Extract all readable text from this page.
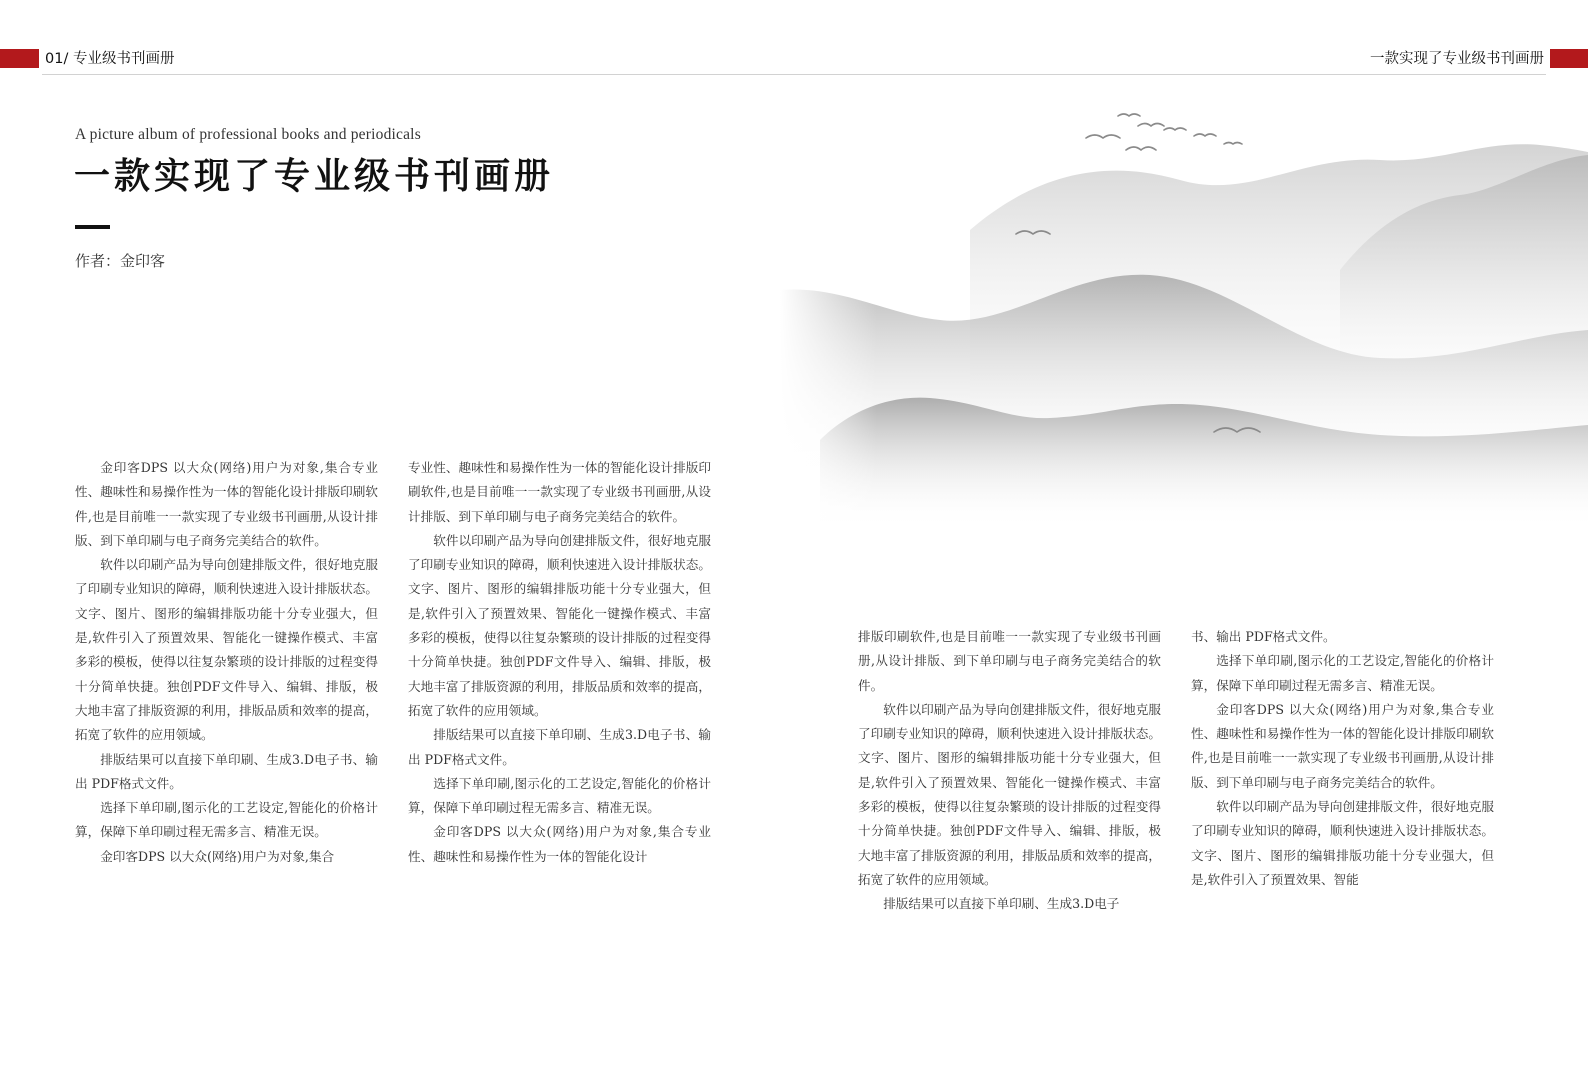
01/ 专业级书刊画册	一款实现了专业级书刊画册
A picture album of professional books and periodicals
一款实现了专业级书刊画册
作者：金印客

金印客DPS 以大众(网络)用户为对象,集合专业性、趣味性和易操作性为一体的智能化设计排版印刷软件,也是目前唯一一款实现了专业级书刊画册,从设计排版、到下单印刷与电子商务完美结合的软件。

软件以印刷产品为导向创建排版文件，很好地克服了印刷专业知识的障碍，顺利快速进入设计排版状态。文字、图片、图形的编辑排版功能十分专业强大，但是,软件引入了预置效果、智能化一键操作模式、丰富多彩的模板，使得以往复杂繁琐的设计排版的过程变得十分简单快捷。独创PDF文件导入、编辑、排版，极大地丰富了排版资源的利用，排版品质和效率的提高，拓宽了软件的应用领域。

排版结果可以直接下单印刷、生成3.D电子书、输出 PDF格式文件。

选择下单印刷,图示化的工艺设定,智能化的价格计算，保障下单印刷过程无需多言、精准无误。

金印客DPS 以大众(网络)用户为对象,集合

专业性、趣味性和易操作性为一体的智能化设计排版印刷软件,也是目前唯一一款实现了专业级书刊画册,从设计排版、到下单印刷与电子商务完美结合的软件。

软件以印刷产品为导向创建排版文件，很好地克服了印刷专业知识的障碍，顺利快速进入设计排版状态。文字、图片、图形的编辑排版功能十分专业强大，但是,软件引入了预置效果、智能化一键操作模式、丰富多彩的模板，使得以往复杂繁琐的设计排版的过程变得十分简单快捷。独创PDF文件导入、编辑、排版，极大地丰富了排版资源的利用，排版品质和效率的提高，拓宽了软件的应用领域。

排版结果可以直接下单印刷、生成3.D电子书、输出 PDF格式文件。

选择下单印刷,图示化的工艺设定,智能化的价格计算，保障下单印刷过程无需多言、精准无误。

金印客DPS 以大众(网络)用户为对象,集合专业性、趣味性和易操作性为一体的智能化设计

排版印刷软件,也是目前唯一一款实现了专业级书刊画册,从设计排版、到下单印刷与电子商务完美结合的软件。

软件以印刷产品为导向创建排版文件，很好地克服了印刷专业知识的障碍，顺利快速进入设计排版状态。文字、图片、图形的编辑排版功能十分专业强大，但是,软件引入了预置效果、智能化一键操作模式、丰富多彩的模板，使得以往复杂繁琐的设计排版的过程变得十分简单快捷。独创PDF文件导入、编辑、排版，极大地丰富了排版资源的利用，排版品质和效率的提高，拓宽了软件的应用领域。

排版结果可以直接下单印刷、生成3.D电子

书、输出 PDF格式文件。

选择下单印刷,图示化的工艺设定,智能化的价格计算，保障下单印刷过程无需多言、精准无误。

金印客DPS 以大众(网络)用户为对象,集合专业性、趣味性和易操作性为一体的智能化设计排版印刷软件,也是目前唯一一款实现了专业级书刊画册,从设计排版、到下单印刷与电子商务完美结合的软件。

软件以印刷产品为导向创建排版文件，很好地克服了印刷专业知识的障碍，顺利快速进入设计排版状态。文字、图片、图形的编辑排版功能十分专业强大，但是,软件引入了预置效果、智能
